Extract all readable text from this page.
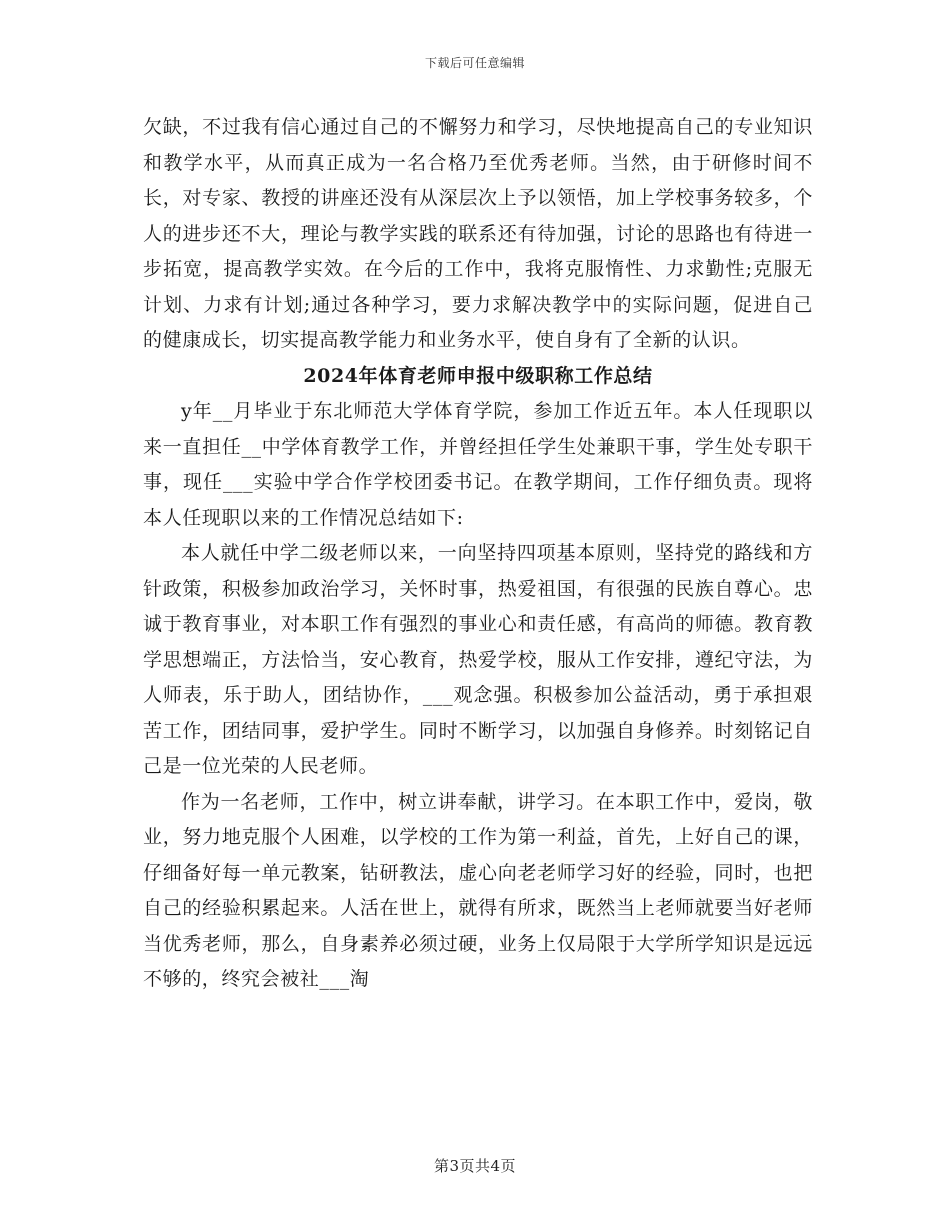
下载后可任意编辑

欠缺，不过我有信心通过自己的不懈努力和学习，尽快地提高自己的专业知识和教学水平，从而真正成为一名合格乃至优秀老师。当然，由于研修时间不长，对专家、教授的讲座还没有从深层次上予以领悟，加上学校事务较多，个人的进步还不大，理论与教学实践的联系还有待加强，讨论的思路也有待进一步拓宽，提高教学实效。在今后的工作中，我将克服惰性、力求勤性;克服无计划、力求有计划;通过各种学习，要力求解决教学中的实际问题，促进自己的健康成长，切实提高教学能力和业务水平，使自身有了全新的认识。

2024年体育老师申报中级职称工作总结

y年__月毕业于东北师范大学体育学院，参加工作近五年。本人任现职以来一直担任__中学体育教学工作，并曾经担任学生处兼职干事，学生处专职干事，现任___实验中学合作学校团委书记。在教学期间，工作仔细负责。现将本人任现职以来的工作情况总结如下:

本人就任中学二级老师以来，一向坚持四项基本原则，坚持党的路线和方针政策，积极参加政治学习，关怀时事，热爱祖国，有很强的民族自尊心。忠诚于教育事业，对本职工作有强烈的事业心和责任感，有高尚的师德。教育教学思想端正，方法恰当，安心教育，热爱学校，服从工作安排，遵纪守法，为人师表，乐于助人，团结协作，___观念强。积极参加公益活动，勇于承担艰苦工作，团结同事，爱护学生。同时不断学习，以加强自身修养。时刻铭记自己是一位光荣的人民老师。

作为一名老师，工作中，树立讲奉献，讲学习。在本职工作中，爱岗，敬业，努力地克服个人困难，以学校的工作为第一利益，首先，上好自己的课，仔细备好每一单元教案，钻研教法，虚心向老老师学习好的经验，同时，也把自己的经验积累起来。人活在世上，就得有所求，既然当上老师就要当好老师当优秀老师，那么，自身素养必须过硬，业务上仅局限于大学所学知识是远远不够的，终究会被社___淘

第3页共4页
